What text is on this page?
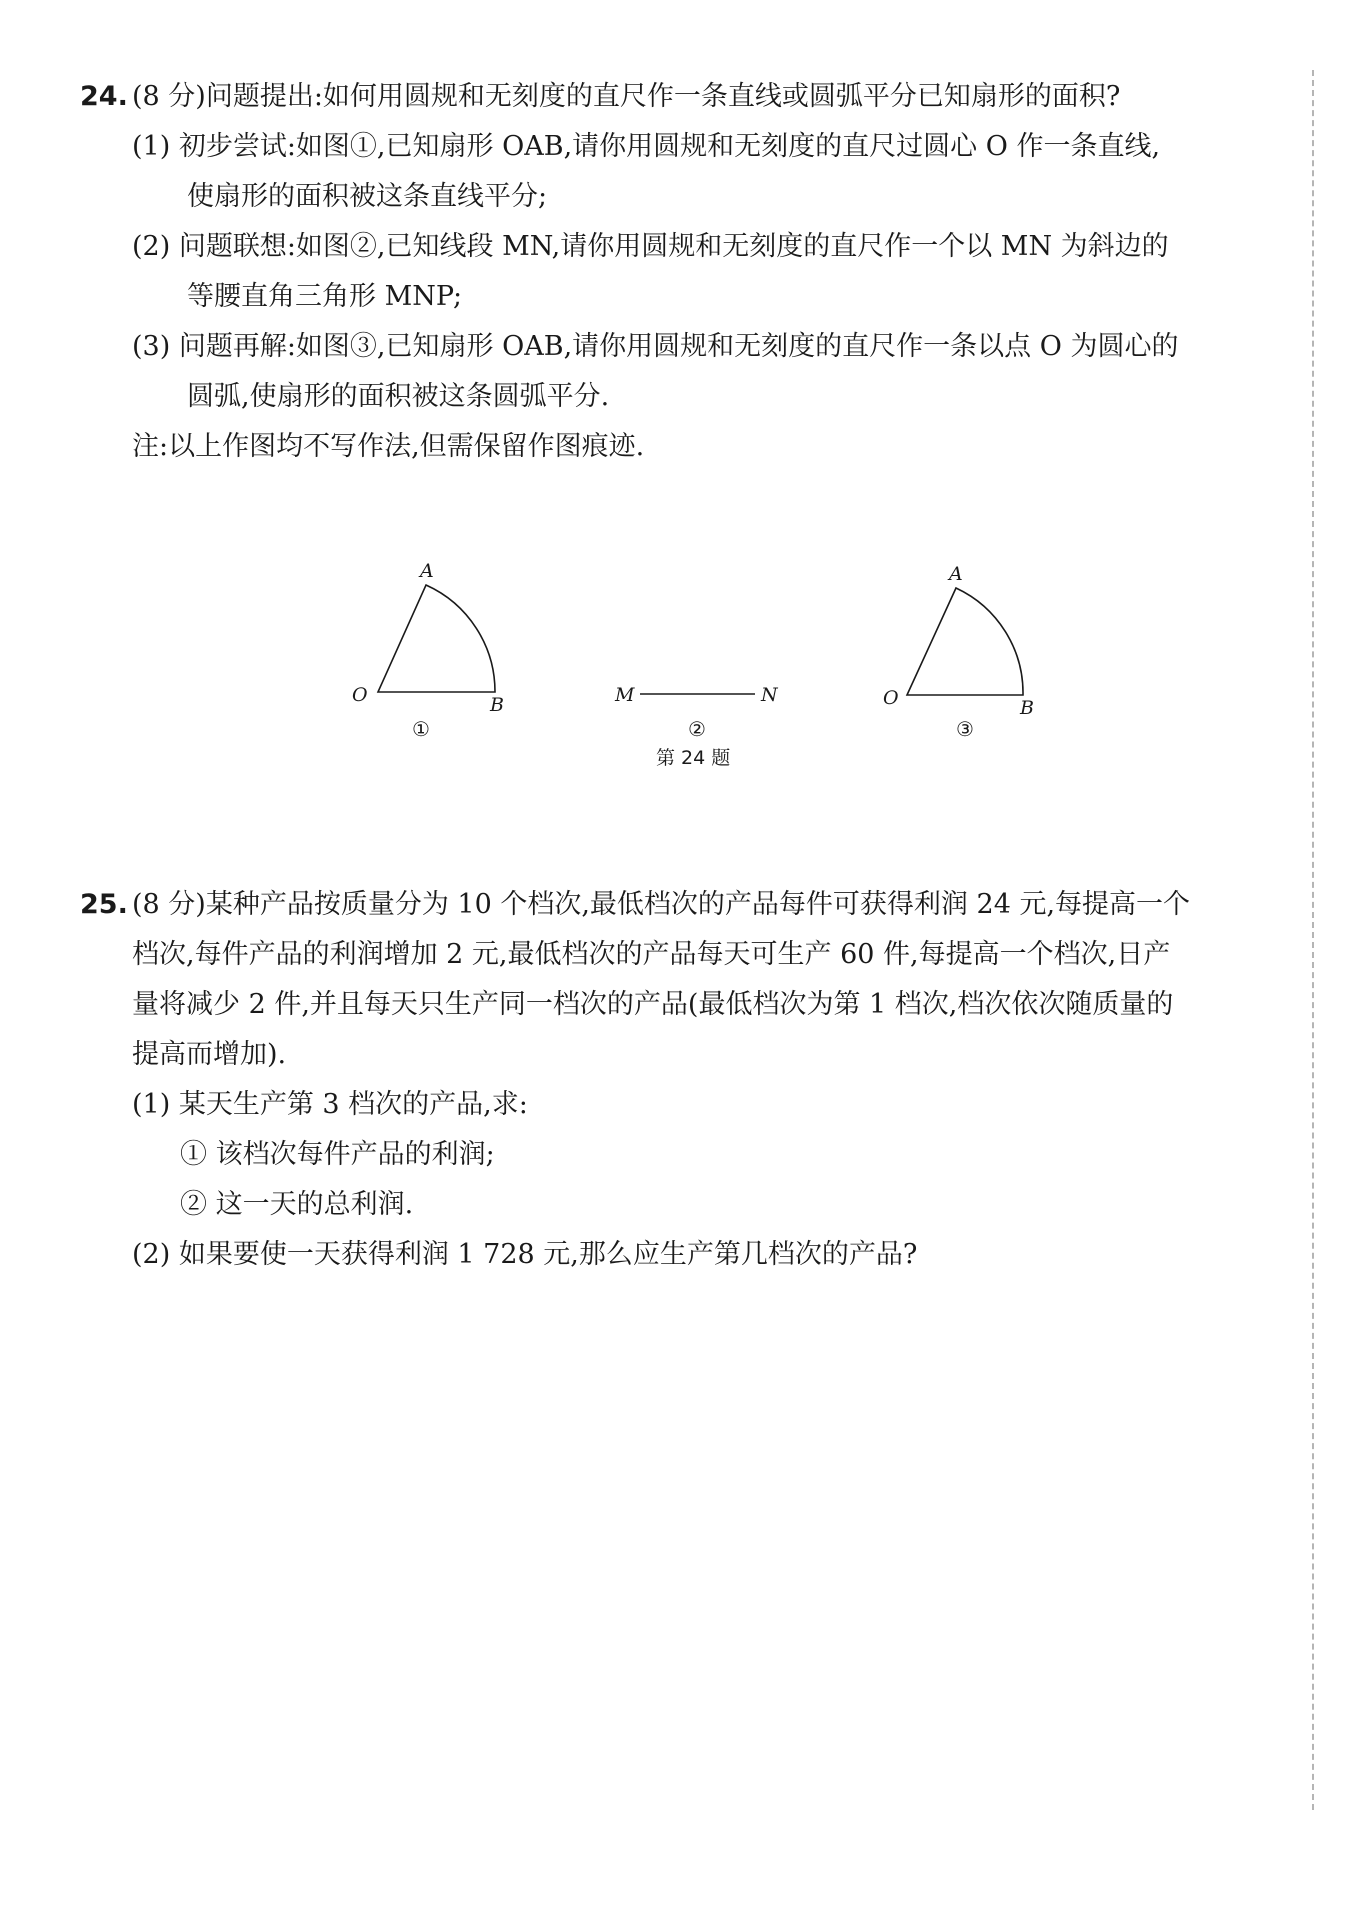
24. (8 分)问题提出:如何用圆规和无刻度的直尺作一条直线或圆弧平分已知扇形的面积?
(1) 初步尝试:如图①,已知扇形 OAB,请你用圆规和无刻度的直尺过圆心 O 作一条直线,
使扇形的面积被这条直线平分;
(2) 问题联想:如图②,已知线段 MN,请你用圆规和无刻度的直尺作一个以 MN 为斜边的
等腰直角三角形 MNP;
(3) 问题再解:如图③,已知扇形 OAB,请你用圆规和无刻度的直尺作一条以点 O 为圆心的
圆弧,使扇形的面积被这条圆弧平分.
注:以上作图均不写作法,但需保留作图痕迹.
A
O	B
①
M	N
②
第 24 题
A
O	B
③
25. (8 分)某种产品按质量分为 10 个档次,最低档次的产品每件可获得利润 24 元,每提高一个
档次,每件产品的利润增加 2 元,最低档次的产品每天可生产 60 件,每提高一个档次,日产
量将减少 2 件,并且每天只生产同一档次的产品(最低档次为第 1 档次,档次依次随质量的
提高而增加).
(1) 某天生产第 3 档次的产品,求:
① 该档次每件产品的利润;
② 这一天的总利润.
(2) 如果要使一天获得利润 1 728 元,那么应生产第几档次的产品?
